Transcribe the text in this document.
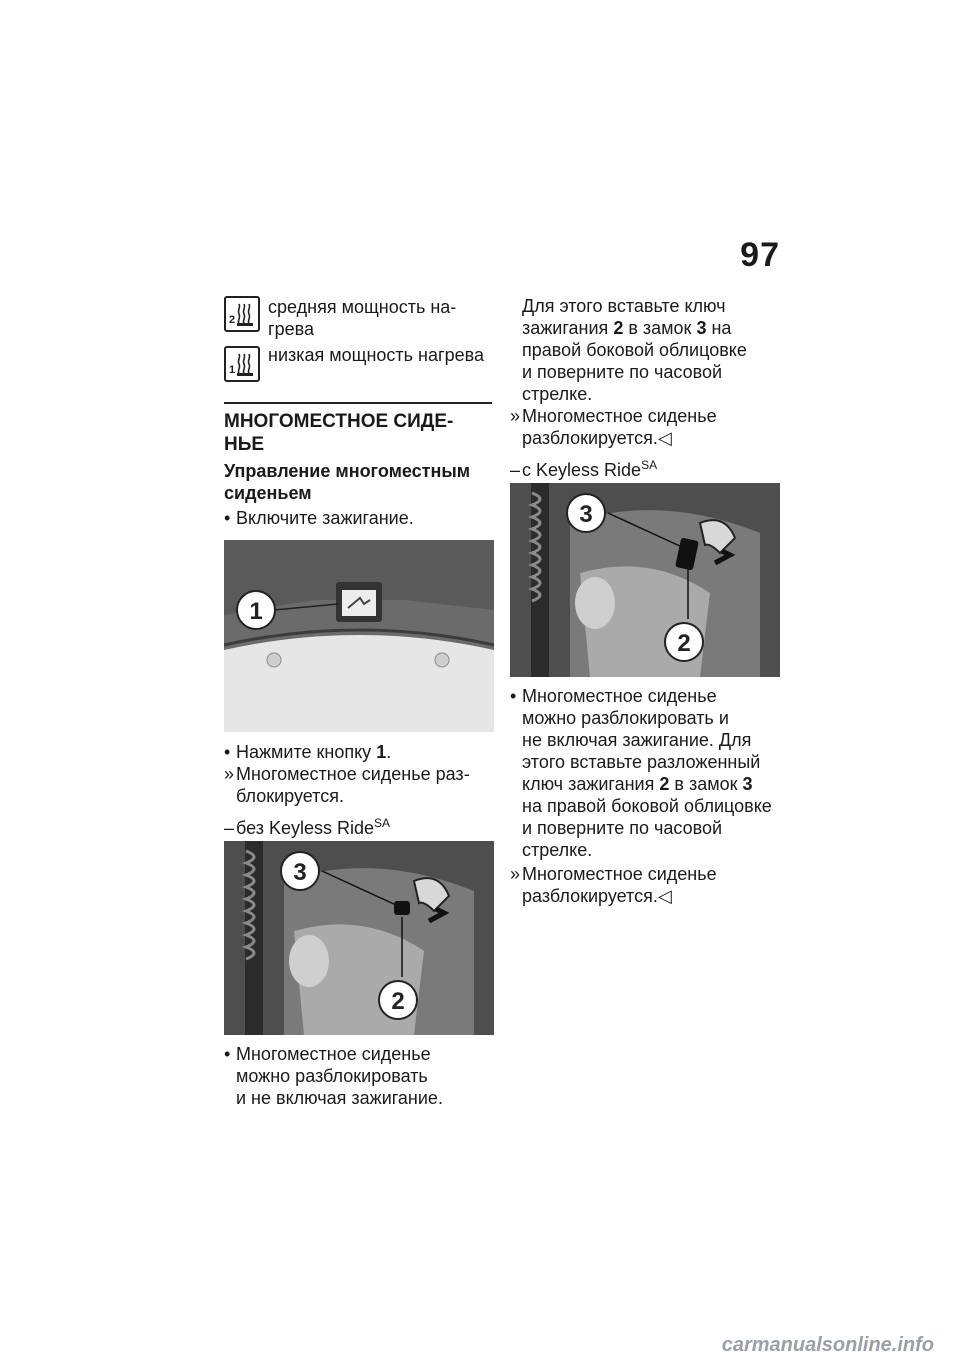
97
2
средняя мощность на-
грева
1
низкая мощность нагрева
МНОГОМЕСТНОЕ СИДЕ-
НЬЕ
Управление многоместным
сиденьем
• Включите зажигание.
1
• Нажмите кнопку 1.
» Многоместное сиденье раз-
блокируется.
– без Keyless Ride$^{SA}$
3
2
• Многоместное сиденье
можно разблокировать
и не включая зажигание.
Для этого вставьте ключ
зажигания 2 в замок 3 на
правой боковой облицовке
и поверните по часовой
стрелке.
» Многоместное сиденье
разблокируется.◁
– с Keyless Ride$^{SA}$
3
2
• Многоместное сиденье
можно разблокировать и
не включая зажигание. Для
этого вставьте разложенный
ключ зажигания 2 в замок 3
на правой боковой облицовке
и поверните по часовой
стрелке.
» Многоместное сиденье
разблокируется.◁
carmanualsonline.info
